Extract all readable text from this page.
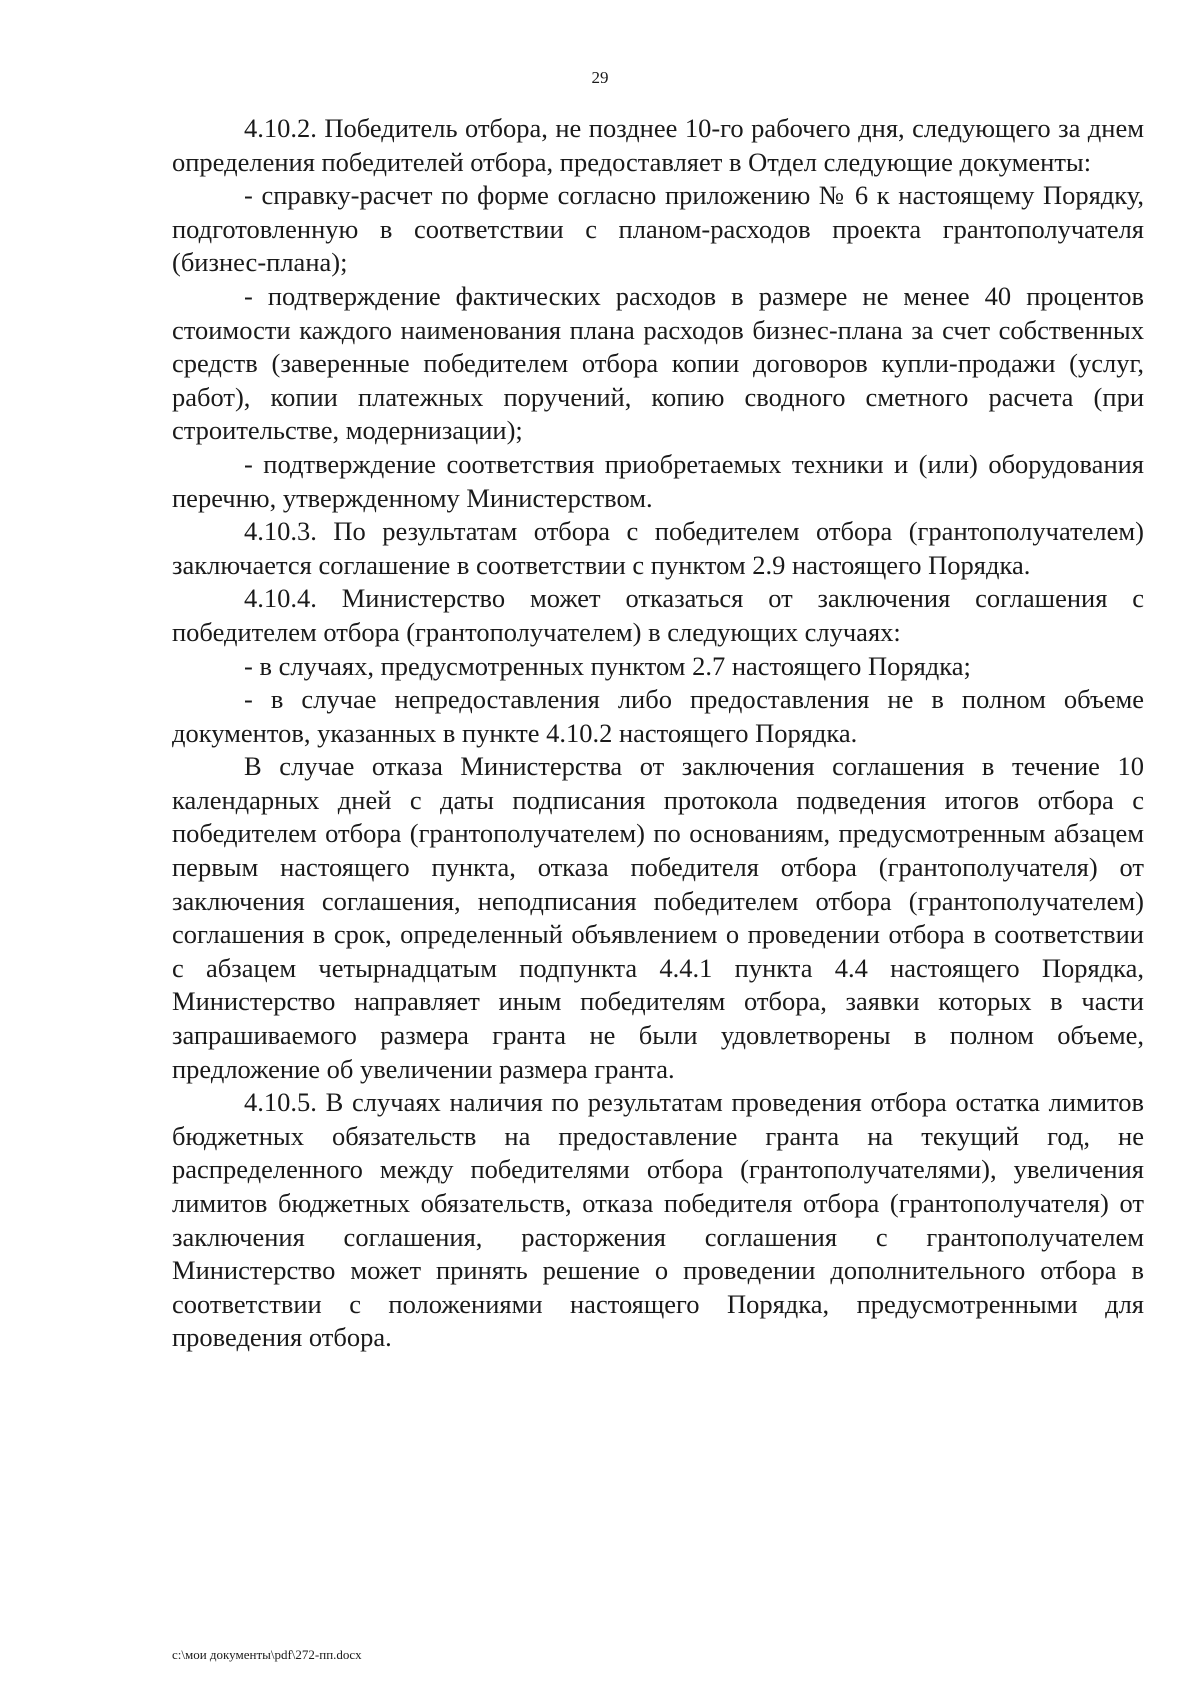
29

4.10.2. Победитель отбора, не позднее 10-го рабочего дня, следующего за днем определения победителей отбора, предоставляет в Отдел следующие документы:

- справку-расчет по форме согласно приложению № 6 к настоящему Порядку, подготовленную в соответствии с планом-расходов проекта грантополучателя (бизнес-плана);

- подтверждение фактических расходов в размере не менее 40 процентов стоимости каждого наименования плана расходов бизнес-плана за счет собственных средств (заверенные победителем отбора копии договоров купли-продажи (услуг, работ), копии платежных поручений, копию сводного сметного расчета (при строительстве, модернизации);

- подтверждение соответствия приобретаемых техники и (или) оборудования перечню, утвержденному Министерством.

4.10.3. По результатам отбора с победителем отбора (грантополучателем) заключается соглашение в соответствии с пунктом 2.9 настоящего Порядка.

4.10.4. Министерство может отказаться от заключения соглашения с победителем отбора (грантополучателем) в следующих случаях:

- в случаях, предусмотренных пунктом 2.7 настоящего Порядка;

- в случае непредоставления либо предоставления не в полном объеме документов, указанных в пункте 4.10.2 настоящего Порядка.

В случае отказа Министерства от заключения соглашения в течение 10 календарных дней с даты подписания протокола подведения итогов отбора с победителем отбора (грантополучателем) по основаниям, предусмотренным абзацем первым настоящего пункта, отказа победителя отбора (грантополучателя) от заключения соглашения, неподписания победителем отбора (грантополучателем) соглашения в срок, определенный объявлением о проведении отбора в соответствии с абзацем четырнадцатым подпункта 4.4.1 пункта 4.4 настоящего Порядка, Министерство направляет иным победителям отбора, заявки которых в части запрашиваемого размера гранта не были удовлетворены в полном объеме, предложение об увеличении размера гранта.

4.10.5. В случаях наличия по результатам проведения отбора остатка лимитов бюджетных обязательств на предоставление гранта на текущий год, не распределенного между победителями отбора (грантополучателями), увеличения лимитов бюджетных обязательств, отказа победителя отбора (грантополучателя) от заключения соглашения, расторжения соглашения с грантополучателем Министерство может принять решение о проведении дополнительного отбора в соответствии с положениями настоящего Порядка, предусмотренными для проведения отбора.

c:\мои документы\pdf\272-пп.docx
